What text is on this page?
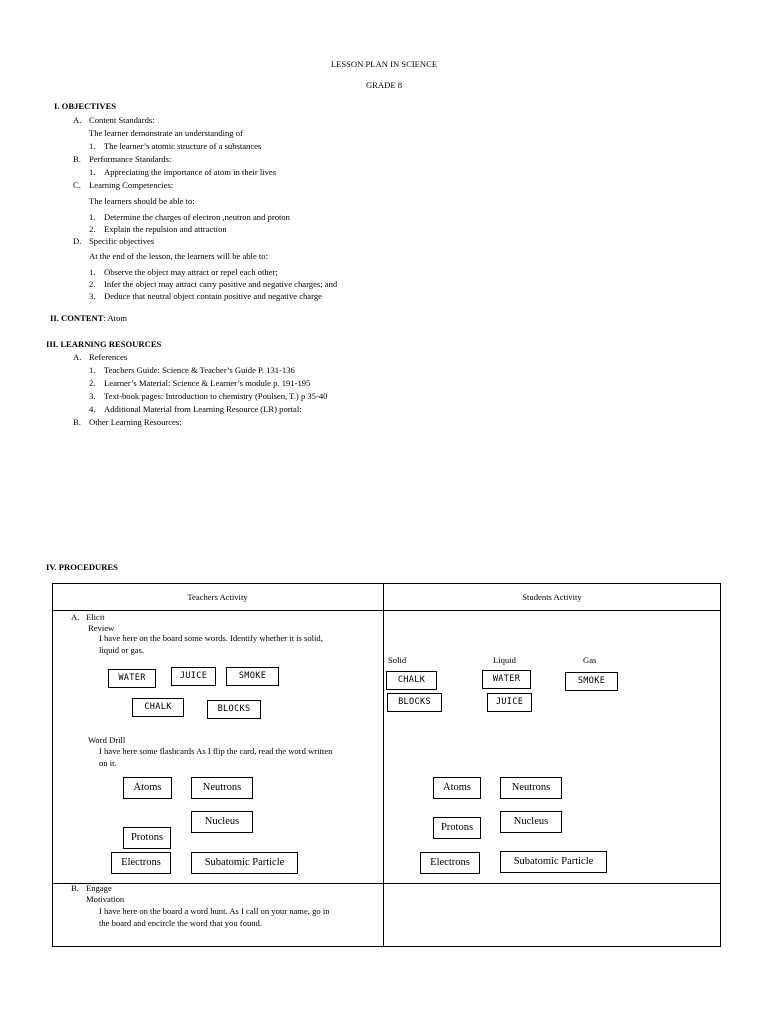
LESSON PLAN IN SCIENCE
GRADE 8
I. OBJECTIVES
A. Content Standards:
The learner demonstrate an understanding of
1. The learner’s atomic structure of a substances
B. Performance Standards:
1. Appreciating the importance of atom in their lives
C. Learning Competencies:
The learners should be able to:
1. Determine the charges of electron ,neutron and proton
2. Explain the repulsion and attraction
D. Specific objectives
At the end of the lesson, the learners will be able to:
1. Observe the object may attract or repel each other;
2. Infer the object may attract carry positive and negative charges; and
3. Deduce that neutral object contain positive and negative charge
II. CONTENT: Atom
III. LEARNING RESOURCES
A. References
1. Teachers Guide: Science & Teacher’s Guide P. 131-136
2. Learner’s Material: Science & Learner’s module p. 191-195
3. Text-book pages: Introduction to chemistry (Poulsen, T.) p 35-40
4. Additional Material from Learning Resource (LR) portal:
B. Other Learning Resources:
IV. PROCEDURES
Teachers Activity	Students Activity
A. Elicit
Review
I have here on the board some words. Identify whether it is solid,
liquid or gas.
WATER	JUICE	SMOKE
CHALK	BLOCKS
Word Drill
I have here some flashcards As I flip the card, read the word written
on it.
Atoms	Neutrons
Nucleus
Protons
Electrons	Subatomic Particle
Solid	Liquid	Gas
CHALK	WATER	SMOKE
BLOCKS	JUICE
Atoms	Neutrons
Nucleus
Protons
Electrons	Subatomic Particle
B. Engage
Motivation
I have here on the board a word hunt. As I call on your name, go in
the board and encircle the word that you found.
